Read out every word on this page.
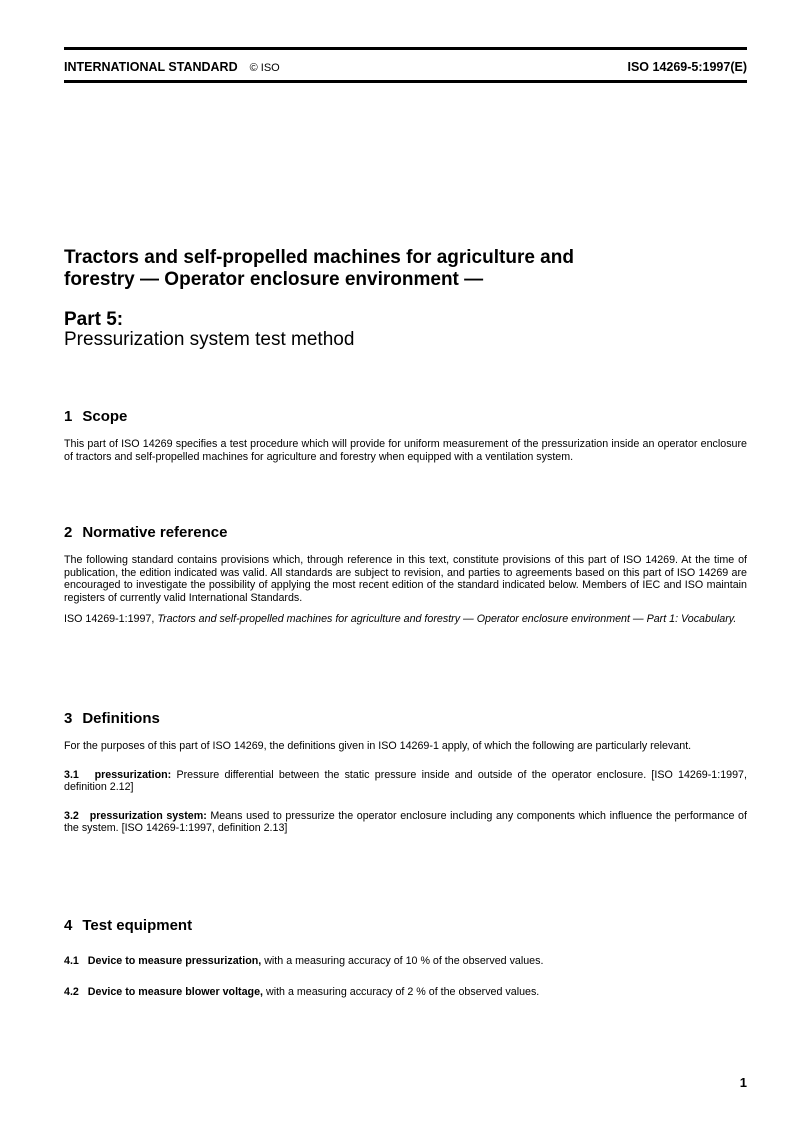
INTERNATIONAL STANDARD © ISO	ISO 14269-5:1997(E)
Tractors and self-propelled machines for agriculture and
forestry — Operator enclosure environment —
Part 5:
Pressurization system test method
1 Scope

This part of ISO 14269 specifies a test procedure which will provide for uniform measurement of the pressurization inside an operator enclosure of tractors and self-propelled machines for agriculture and forestry when equipped with a ventilation system.

2 Normative reference

The following standard contains provisions which, through reference in this text, constitute provisions of this part of ISO 14269. At the time of publication, the edition indicated was valid. All standards are subject to revision, and parties to agreements based on this part of ISO 14269 are encouraged to investigate the possibility of applying the most recent edition of the standard indicated below. Members of IEC and ISO maintain registers of currently valid International Standards.

ISO 14269-1:1997, Tractors and self-propelled machines for agriculture and forestry — Operator enclosure environment — Part 1: Vocabulary.

3 Definitions

For the purposes of this part of ISO 14269, the definitions given in ISO 14269-1 apply, of which the following are particularly relevant.

3.1 pressurization: Pressure differential between the static pressure inside and outside of the operator enclosure. [ISO 14269-1:1997, definition 2.12]

3.2 pressurization system: Means used to pressurize the operator enclosure including any components which influence the performance of the system. [ISO 14269-1:1997, definition 2.13]

4 Test equipment

4.1 Device to measure pressurization, with a measuring accuracy of 10 % of the observed values.

4.2 Device to measure blower voltage, with a measuring accuracy of 2 % of the observed values.

1
